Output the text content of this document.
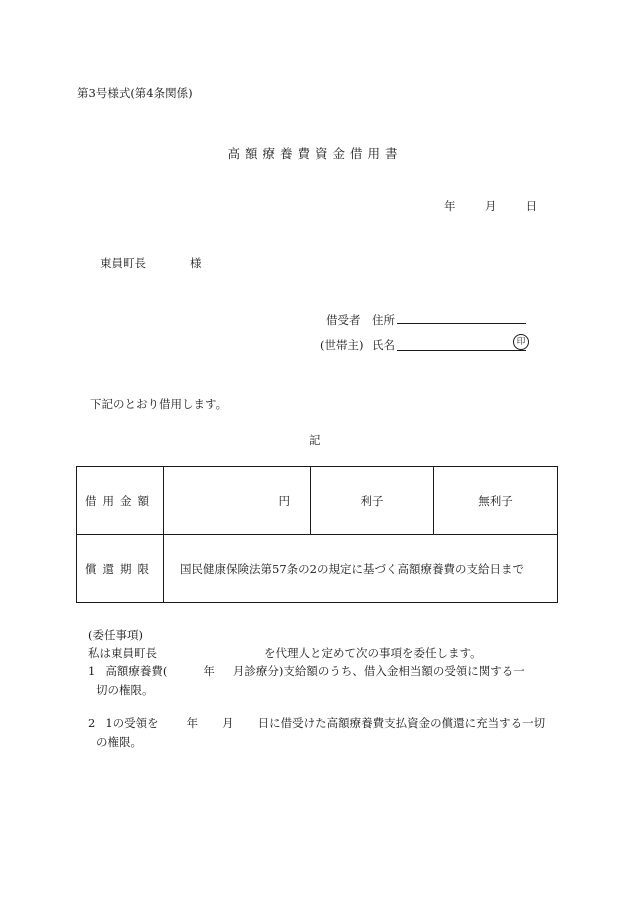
第3号様式(第4条関係)
高額療養費資金借用書
年	月	日
東員町長	様
借受者 住所
(世帯主) 氏名	印
下記のとおり借用します。
記
借用金額	円	利子	無利子
償還期限	国民健康保険法第57条の2の規定に基づく高額療養費の支給日まで		
(委任事項)
私は東員町長	を代理人と定めて次の事項を委任します。
1 高額療養費(	年 月診療分)支給額のうち、借入金相当額の受領に関する一
切の権限。
2 1の受領を 年 月 日に借受けた高額療養費支払資金の償還に充当する一切
の権限。
